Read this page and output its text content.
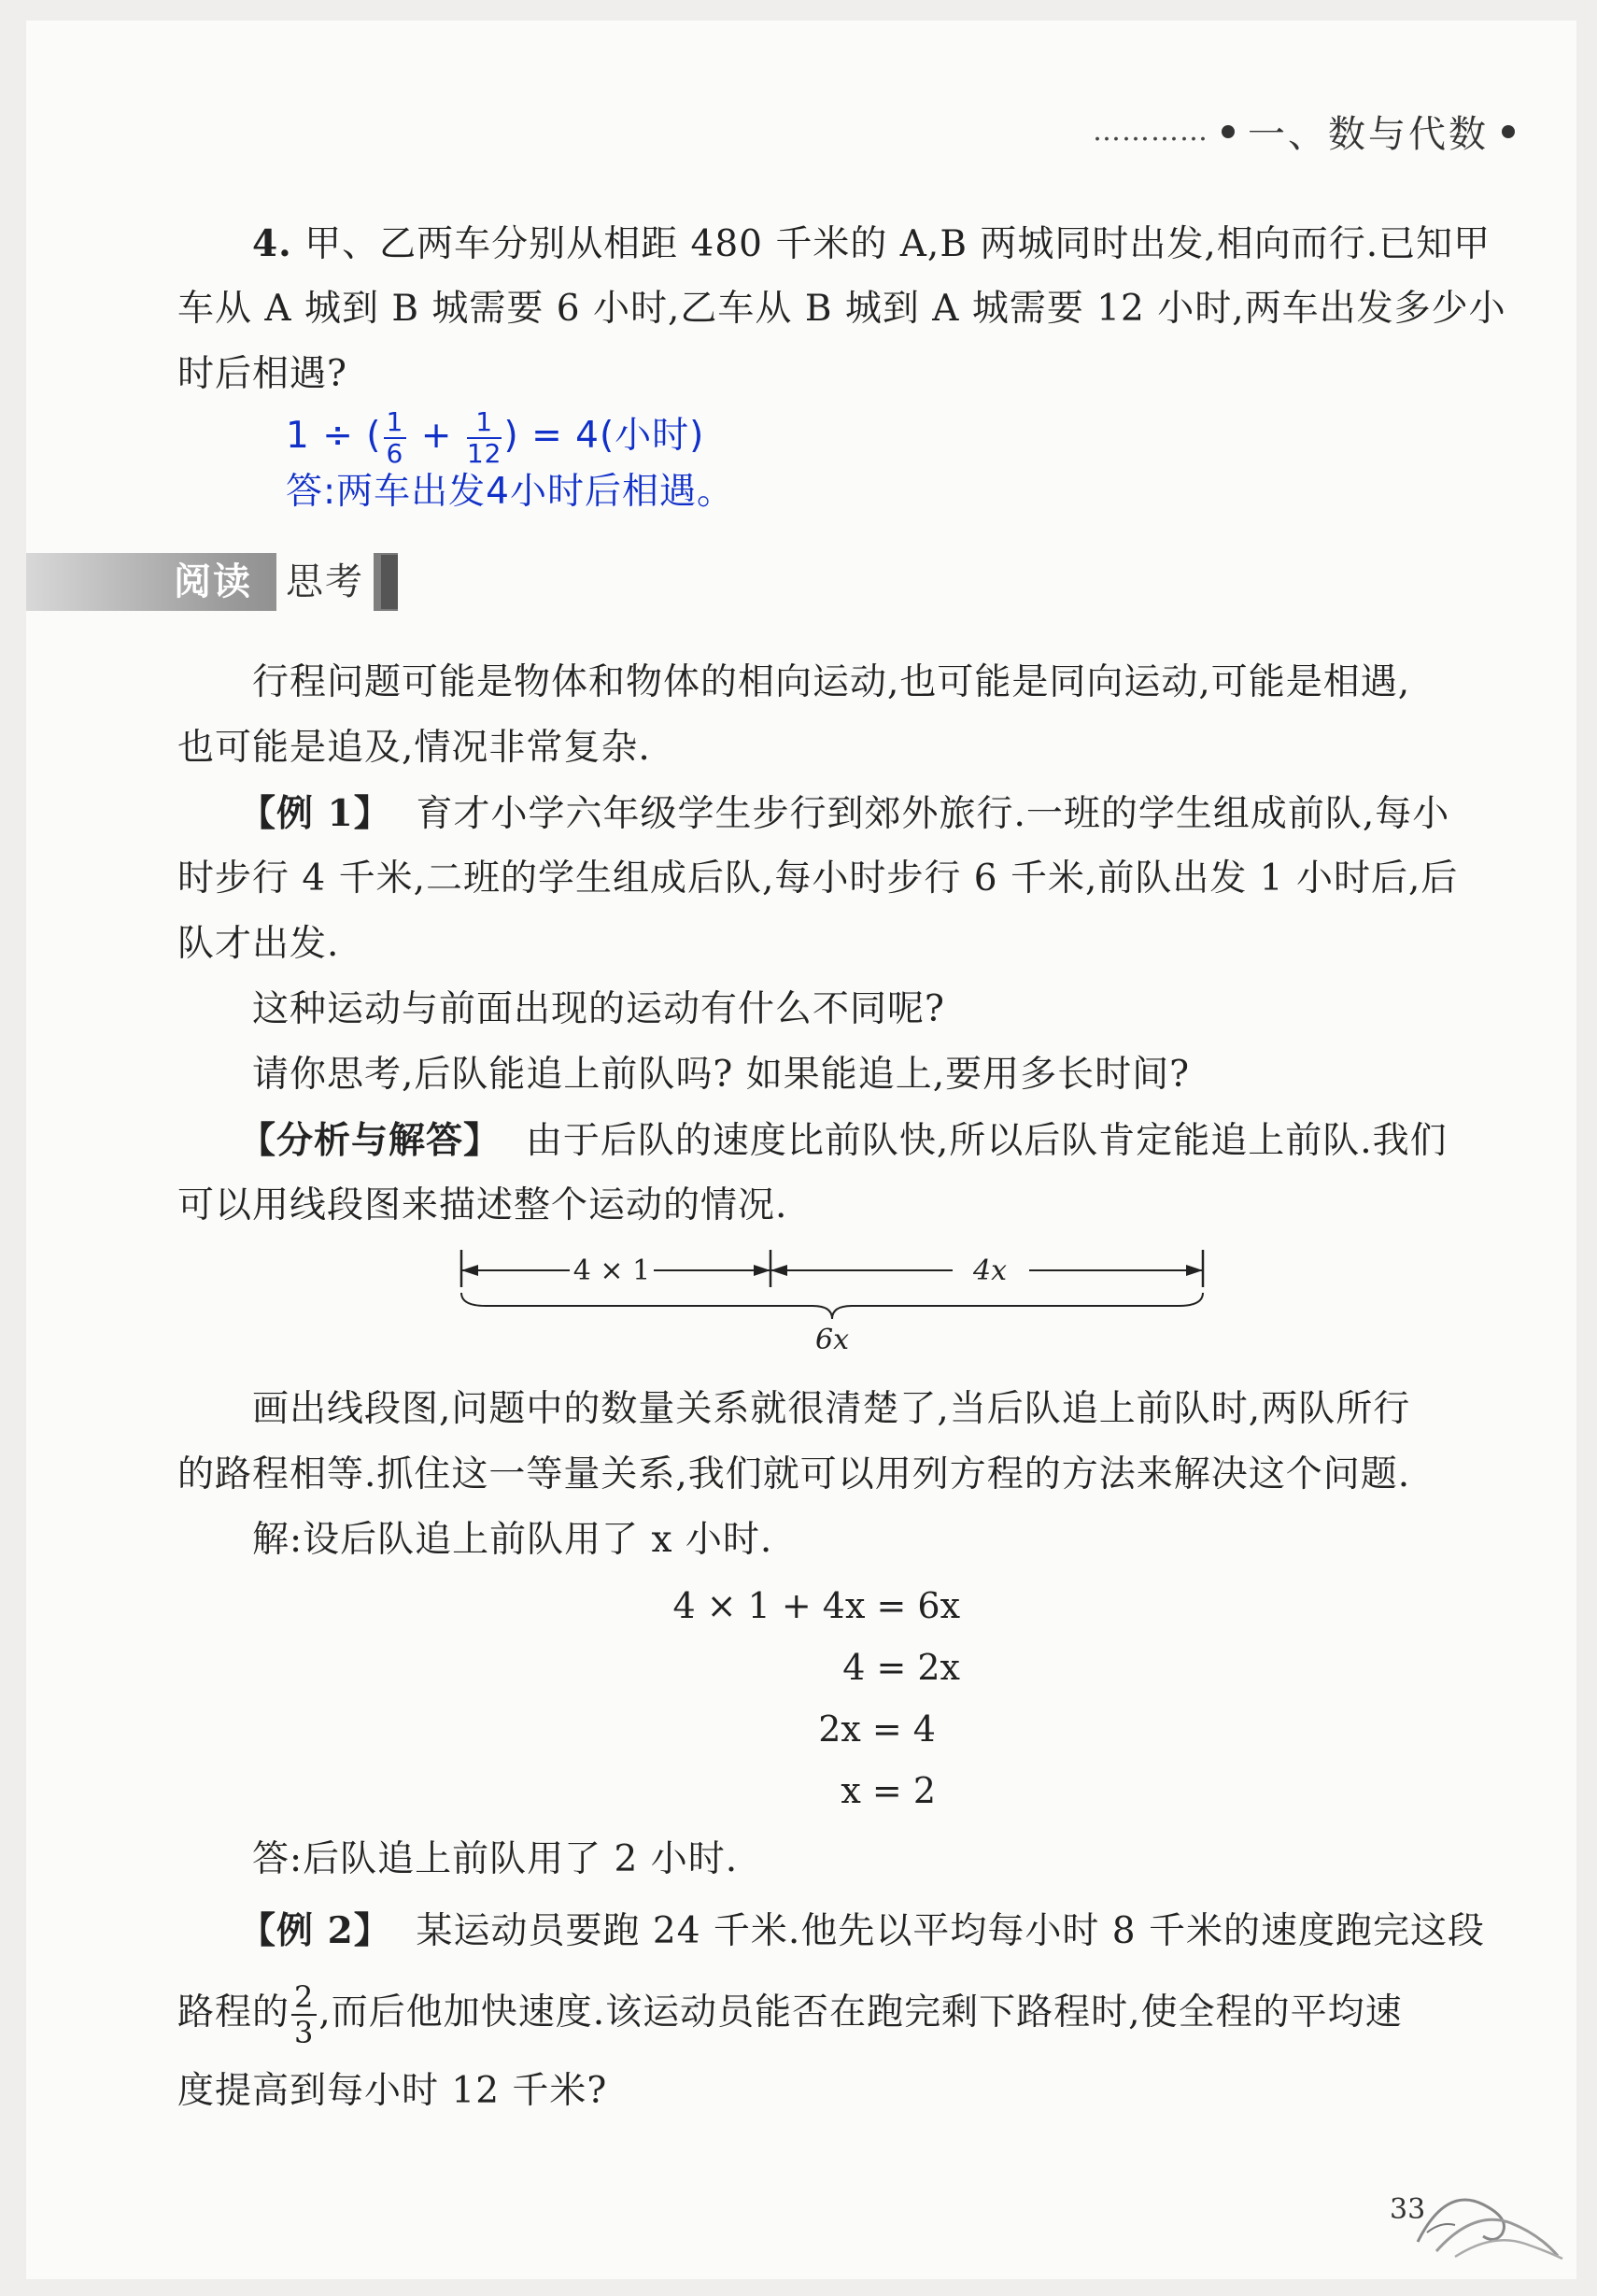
………… 一、数与代数
4. 甲、乙两车分别从相距 480 千米的 A,B 两城同时出发,相向而行.已知甲
车从 A 城到 B 城需要 6 小时,乙车从 B 城到 A 城需要 12 小时,两车出发多少小
时后相遇?
1 ÷ ( $\frac{1}{6} + \frac{1}{12}$ ) = 4(小时)
答:两车出发4小时后相遇。
阅读 思考
行程问题可能是物体和物体的相向运动,也可能是同向运动,可能是相遇,
也可能是追及,情况非常复杂.
【例 1】 育才小学六年级学生步行到郊外旅行.一班的学生组成前队,每小
时步行 4 千米,二班的学生组成后队,每小时步行 6 千米,前队出发 1 小时后,后
队才出发.
这种运动与前面出现的运动有什么不同呢?
请你思考,后队能追上前队吗? 如果能追上,要用多长时间?
【分析与解答】 由于后队的速度比前队快,所以后队肯定能追上前队.我们
可以用线段图来描述整个运动的情况.
4 × 1	4x
6x
画出线段图,问题中的数量关系就很清楚了,当后队追上前队时,两队所行
的路程相等.抓住这一等量关系,我们就可以用列方程的方法来解决这个问题.
解:设后队追上前队用了 x 小时.
4 × 1 + 4x = 6x
4 = 2x
2x = 4
x = 2
答:后队追上前队用了 2 小时.
【例 2】 某运动员要跑 24 千米.他先以平均每小时 8 千米的速度跑完这段
路程的 $\frac{2}{3}$ ,而后他加快速度.该运动员能否在跑完剩下路程时,使全程的平均速
度提高到每小时 12 千米?
33
